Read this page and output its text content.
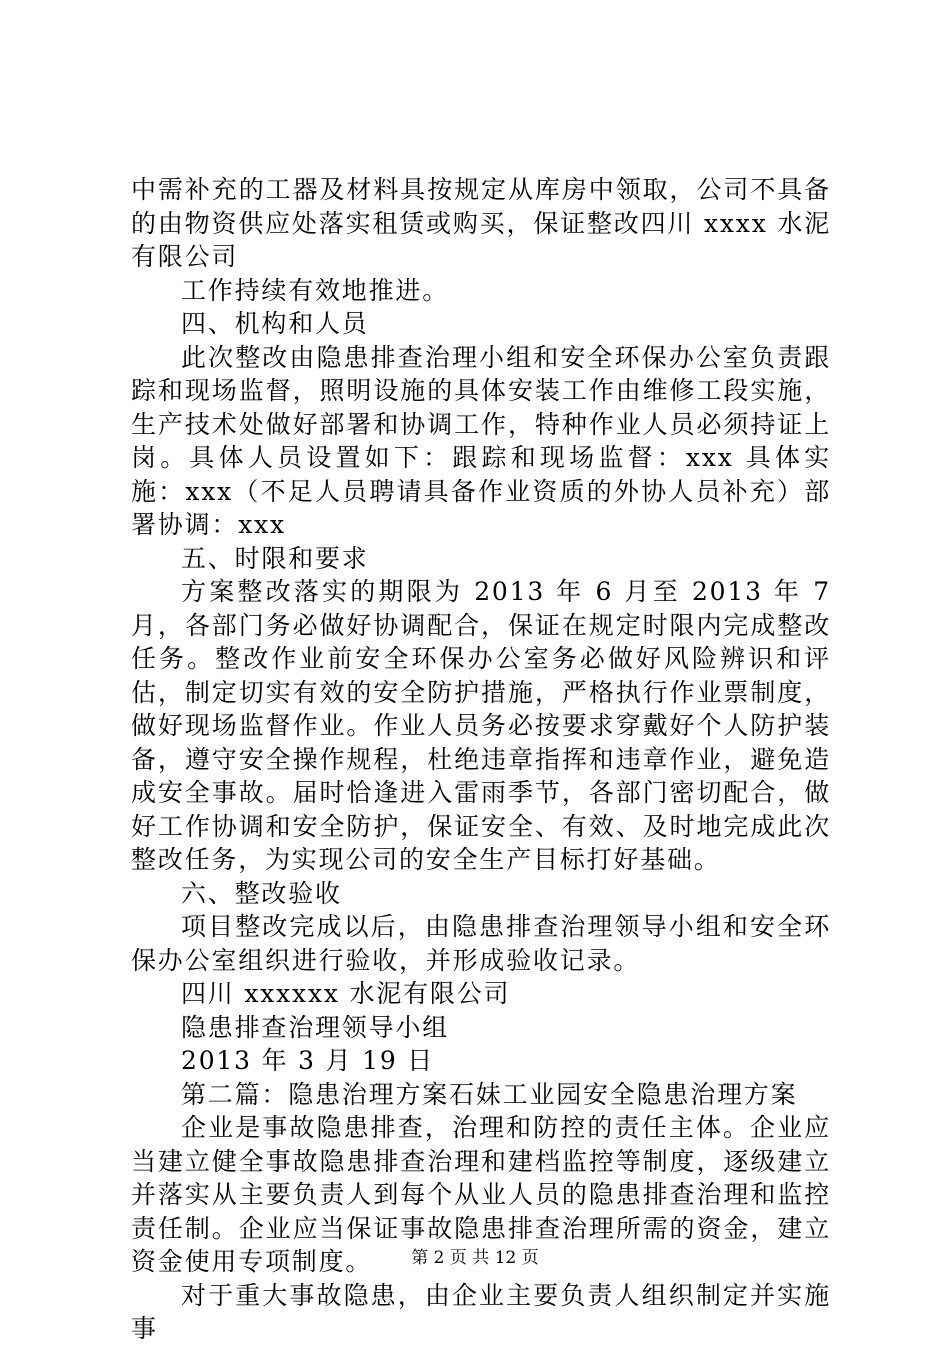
中需补充的工器及材料具按规定从库房中领取，公司不具备的由物资供应处落实租赁或购买，保证整改四川 xxxx 水泥有限公司

工作持续有效地推进。

四、机构和人员

此次整改由隐患排查治理小组和安全环保办公室负责跟踪和现场监督，照明设施的具体安装工作由维修工段实施，生产技术处做好部署和协调工作，特种作业人员必须持证上岗。具体人员设置如下：跟踪和现场监督：xxx 具体实施：xxx（不足人员聘请具备作业资质的外协人员补充）部署协调：xxx

五、时限和要求

方案整改落实的期限为 2013 年 6 月至 2013 年 7 月，各部门务必做好协调配合，保证在规定时限内完成整改任务。整改作业前安全环保办公室务必做好风险辨识和评估，制定切实有效的安全防护措施，严格执行作业票制度，做好现场监督作业。作业人员务必按要求穿戴好个人防护装备，遵守安全操作规程，杜绝违章指挥和违章作业，避免造成安全事故。届时恰逢进入雷雨季节，各部门密切配合，做好工作协调和安全防护，保证安全、有效、及时地完成此次整改任务，为实现公司的安全生产目标打好基础。

六、整改验收

项目整改完成以后，由隐患排查治理领导小组和安全环保办公室组织进行验收，并形成验收记录。

四川 xxxxxx 水泥有限公司

隐患排查治理领导小组

2013 年 3 月 19 日

第二篇：隐患治理方案石妹工业园安全隐患治理方案

企业是事故隐患排查，治理和防控的责任主体。企业应当建立健全事故隐患排查治理和建档监控等制度，逐级建立并落实从主要负责人到每个从业人员的隐患排查治理和监控责任制。企业应当保证事故隐患排查治理所需的资金，建立资金使用专项制度。

对于重大事故隐患，由企业主要负责人组织制定并实施事

第 2 页 共 12 页
